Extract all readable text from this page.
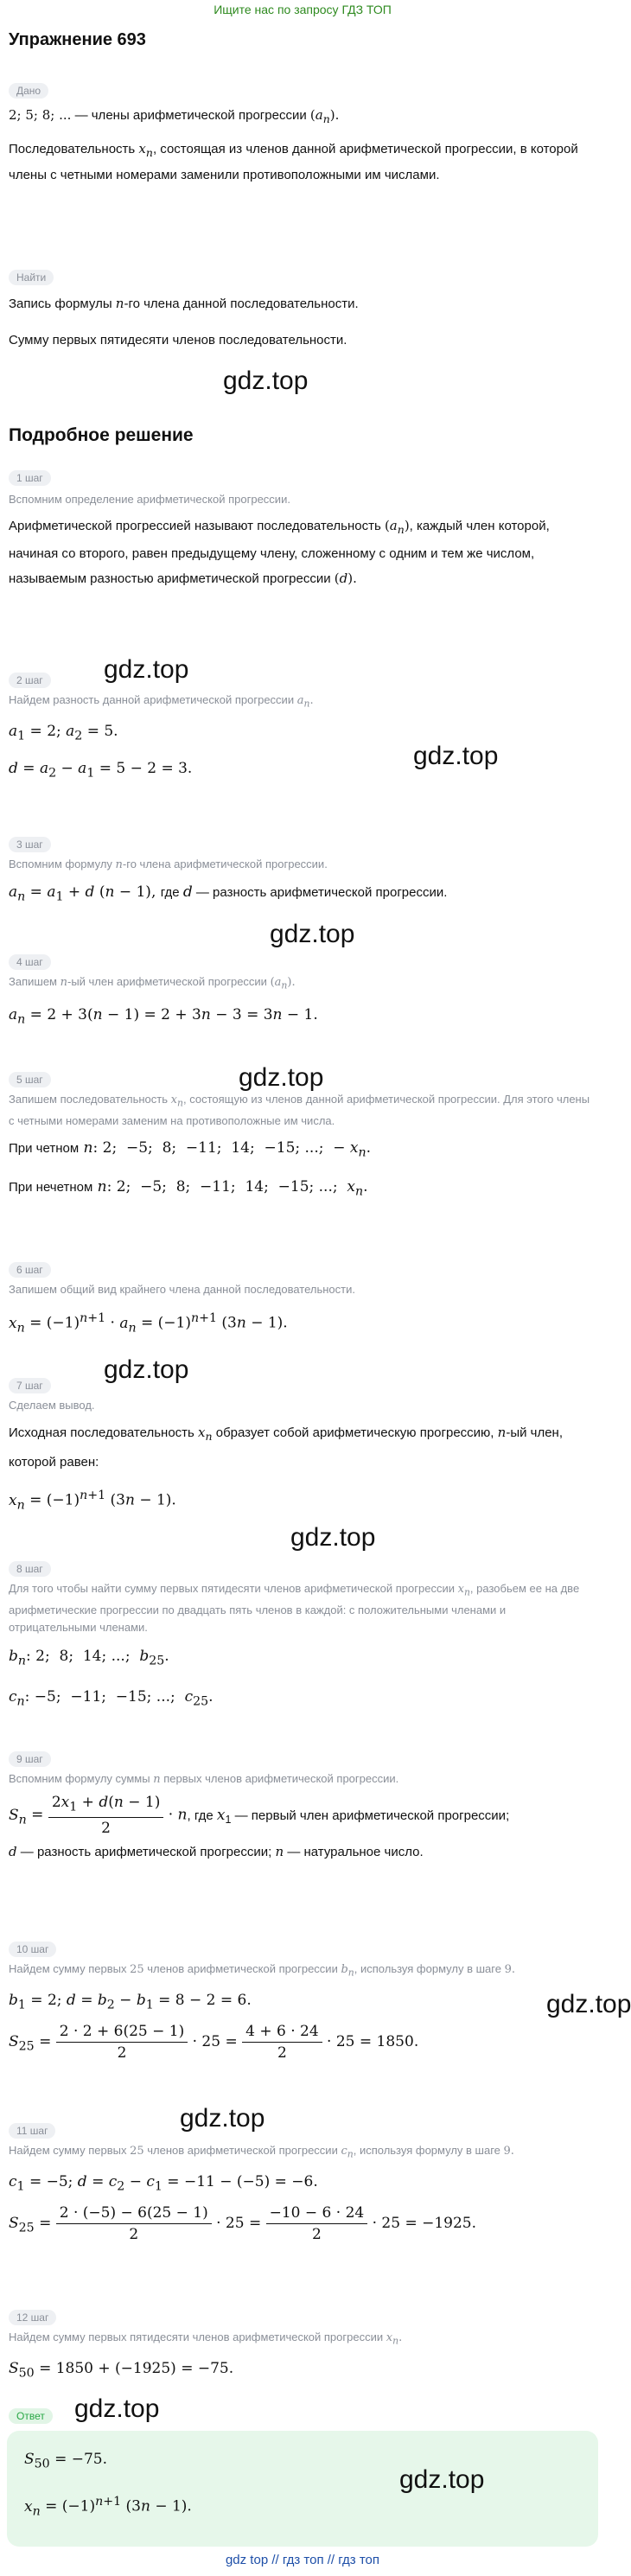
Ищите нас по запросу ГДЗ ТОП
Упражнение 693
Дано
2; 5; 8; ... — члены арифметической прогрессии $(a_n)$.
Последовательность $x_n$, состоящая из членов данной арифметической прогрессии, в которой члены с четными номерами заменили противоположными им числами.
Найти
Запись формулы n-го члена данной последовательности.
Сумму первых пятидесяти членов последовательности.
gdz.top
Подробное решение
1 шаг
Вспомним определение арифметической прогрессии.
Арифметической прогрессией называют последовательность $(a_n)$, каждый член которой, начиная со второго, равен предыдущему члену, сложенному с одним и тем же числом, называемым разностью арифметической прогрессии (d).
gdz.top
2 шаг
Найдем разность данной арифметической прогрессии $a_n$.
$a_1 = 2$; $a_2 = 5$.
$d = a_2 - a_1 = 5 - 2 = 3$.	gdz.top
3 шаг
Вспомним формулу n-го члена арифметической прогрессии.
$a_n = a_1 + d$ (n − 1), где d — разность арифметической прогрессии.
gdz.top
4 шаг
Запишем n-ый член арифметической прогрессии $(a_n)$.
$a_n = 2 + 3(n - 1) = 2 + 3n - 3 = 3n - 1$.
gdz.top
5 шаг
Запишем последовательность $x_n$, состоящую из членов данной арифметической прогрессии. Для этого члены с четными номерами заменим на противоположные им числа.
При четном n: 2;  −5;  8;  −11;  14;  −15; ...;  − $x_n$.
При нечетном n: 2;  −5;  8;  −11;  14;  −15; ...;  $x_n$.
6 шаг
Запишем общий вид крайнего члена данной последовательности.
$x_n = (-1)^{n+1} \cdot a_n = (-1)^{n+1}$ (3n − 1).
gdz.top
7 шаг
Сделаем вывод.
Исходная последовательность $x_n$ образует собой арифметическую прогрессию, n-ый член, которой равен:
$x_n = (-1)^{n+1}$ (3n − 1).
gdz.top
8 шаг
Для того чтобы найти сумму первых пятидесяти членов арифметической прогрессии $x_n$, разобьем ее на две арифметические прогрессии по двадцать пять членов в каждой: с положительными членами и отрицательными членами.
$b_n$: 2;  8;  14; ...;  $b_{25}$.
$c_n$: −5;  −11;  −15; ...;  $c_{25}$.
9 шаг
Вспомним формулу суммы n первых членов арифметической прогрессии.
$S_n = \frac{2x_1 + d(n - 1)}{2} \cdot n$, где $x_1$ — первый член арифметической прогрессии;
d — разность арифметической прогрессии; n — натуральное число.
10 шаг
Найдем сумму первых 25 членов арифметической прогрессии $b_n$, используя формулу в шаге 9.
$b_1 = 2$; $d = b_2 - b_1 = 8 - 2 = 6$.
$S_{25} = \frac{2 \cdot 2 + 6(25 - 1)}{2} \cdot 25 = \frac{4 + 6 \cdot 24}{2} \cdot 25 = 1850$.
gdz.top
gdz.top
11 шаг
Найдем сумму первых 25 членов арифметической прогрессии $c_n$, используя формулу в шаге 9.
$c_1 = -5$; $d = c_2 - c_1 = -11 - (-5) = -6$.
$S_{25} = \frac{2 \cdot (-5) - 6(25 - 1)}{2} \cdot 25 = \frac{-10 - 6 \cdot 24}{2} \cdot 25 = -1925$.
12 шаг
Найдем сумму первых пятидесяти членов арифметической прогрессии $x_n$.
$S_{50} = 1850 + (-1925) = -75$.
Ответ
$S_{50} = -75$.
$x_n = (-1)^{n+1}$ (3n − 1).
gdz.top
gdz.top
gdz top // гдз топ // гдз топ
